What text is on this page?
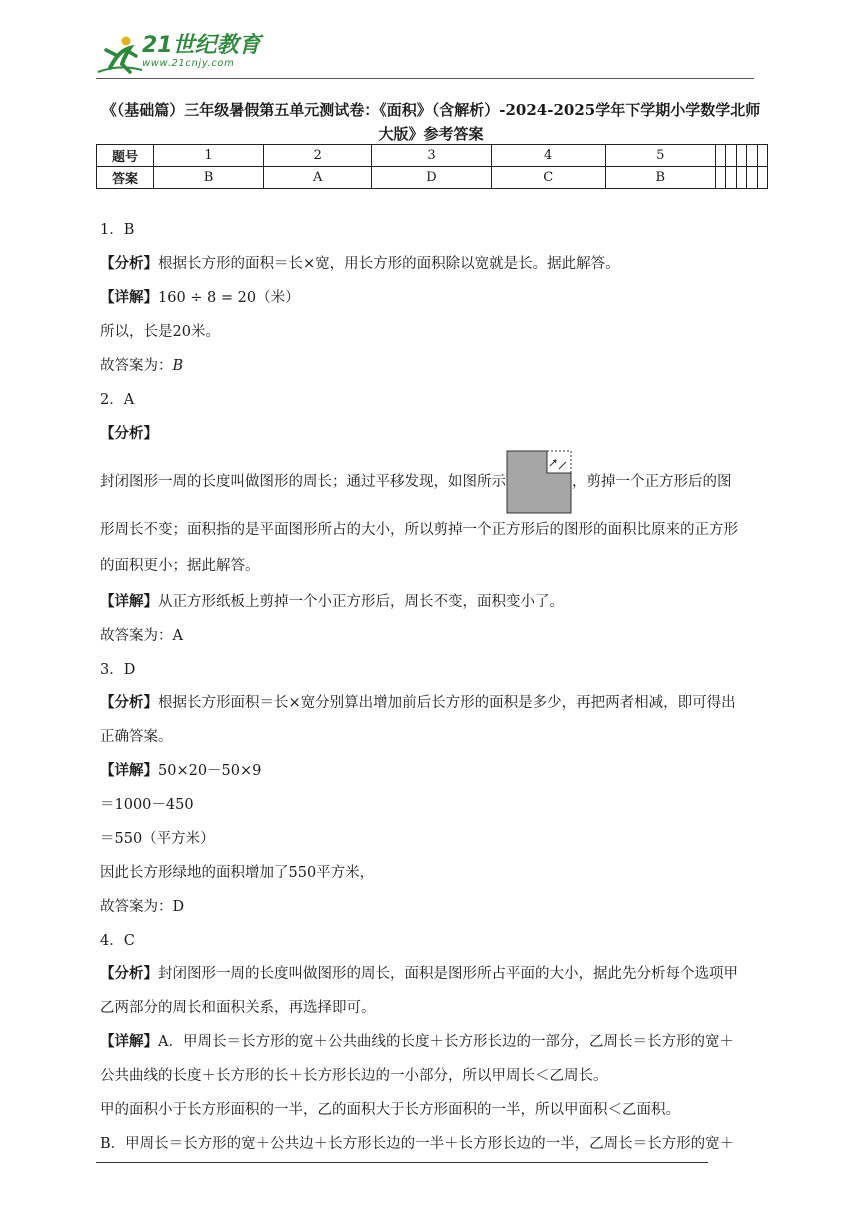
21世纪教育
www.21cnjy.com
《（基础篇）三年级暑假第五单元测试卷：《面积》（含解析）-2024-2025学年下学期小学数学北师大版》参考答案
题号	1	2	3	4	5					
答案	B	A	D	C	B					
1．B
【分析】根据长方形的面积＝长×宽，用长方形的面积除以宽就是长。据此解答。
【详解】160 ÷ 8 = 20（米）
所以，长是20米。
故答案为：B
2．A
【分析】
封闭图形一周的长度叫做图形的周长；通过平移发现，如图所示	，剪掉一个正方形后的图
形周长不变；面积指的是平面图形所占的大小，所以剪掉一个正方形后的图形的面积比原来的正方形
的面积更小；据此解答。
【详解】从正方形纸板上剪掉一个小正方形后，周长不变，面积变小了。
故答案为：A
3．D
【分析】根据长方形面积＝长×宽分别算出增加前后长方形的面积是多少，再把两者相减，即可得出
正确答案。
【详解】50×20－50×9
＝1000－450
＝550（平方米）
因此长方形绿地的面积增加了550平方米，
故答案为：D
4．C
【分析】封闭图形一周的长度叫做图形的周长，面积是图形所占平面的大小，据此先分析每个选项甲
乙两部分的周长和面积关系，再选择即可。
【详解】A．甲周长＝长方形的宽＋公共曲线的长度＋长方形长边的一部分，乙周长＝长方形的宽＋
公共曲线的长度＋长方形的长＋长方形长边的一小部分，所以甲周长＜乙周长。
甲的面积小于长方形面积的一半，乙的面积大于长方形面积的一半，所以甲面积＜乙面积。
B．甲周长＝长方形的宽＋公共边＋长方形长边的一半＋长方形长边的一半，乙周长＝长方形的宽＋
